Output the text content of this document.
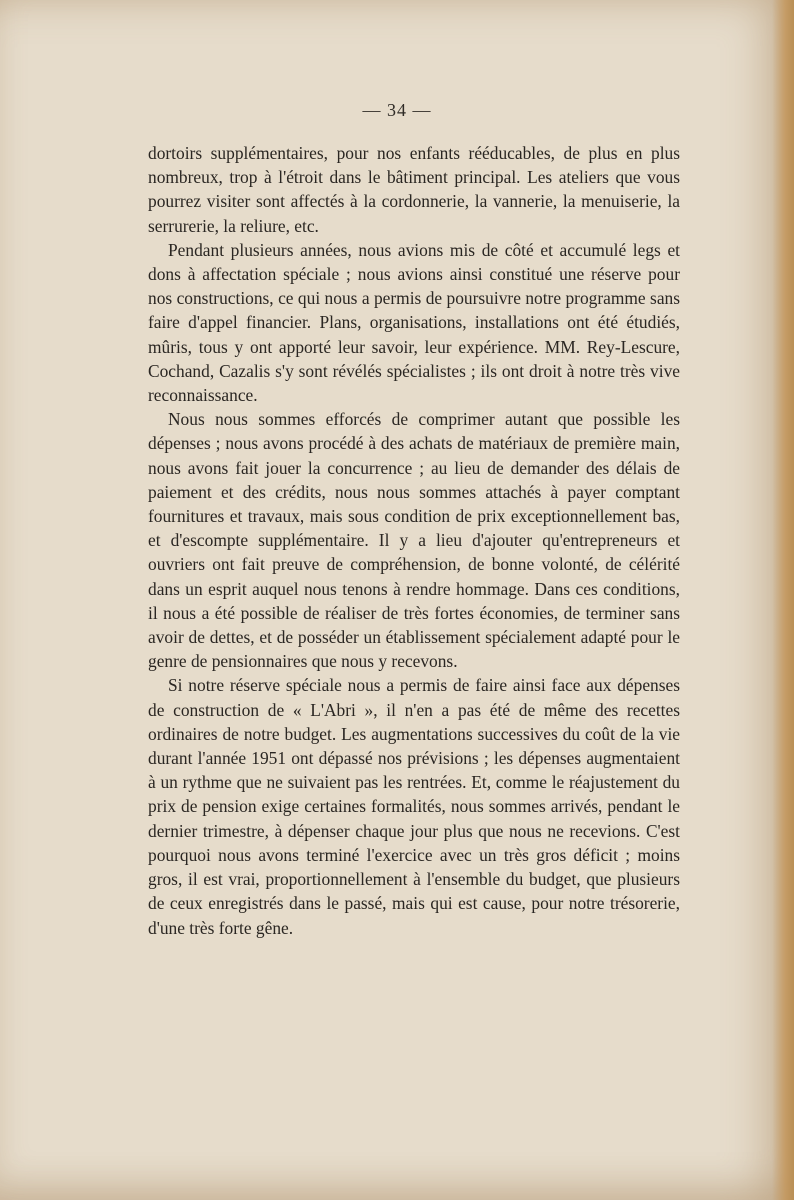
— 34 —

dortoirs supplémentaires, pour nos enfants rééducables, de plus en plus nombreux, trop à l'étroit dans le bâtiment principal. Les ateliers que vous pourrez visiter sont affectés à la cordonnerie, la vannerie, la menuiserie, la serrurerie, la reliure, etc.

Pendant plusieurs années, nous avions mis de côté et accumulé legs et dons à affectation spéciale ; nous avions ainsi constitué une réserve pour nos constructions, ce qui nous a permis de poursuivre notre programme sans faire d'appel financier. Plans, organisations, installations ont été étudiés, mûris, tous y ont apporté leur savoir, leur expérience. MM. Rey-Lescure, Cochand, Cazalis s'y sont révélés spécialistes ; ils ont droit à notre très vive reconnaissance.

Nous nous sommes efforcés de comprimer autant que possible les dépenses ; nous avons procédé à des achats de matériaux de première main, nous avons fait jouer la concurrence ; au lieu de demander des délais de paiement et des crédits, nous nous sommes attachés à payer comptant fournitures et travaux, mais sous condition de prix exceptionnellement bas, et d'escompte supplémentaire. Il y a lieu d'ajouter qu'entrepreneurs et ouvriers ont fait preuve de compréhension, de bonne volonté, de célérité dans un esprit auquel nous tenons à rendre hommage. Dans ces conditions, il nous a été possible de réaliser de très fortes économies, de terminer sans avoir de dettes, et de posséder un établissement spécialement adapté pour le genre de pensionnaires que nous y recevons.

Si notre réserve spéciale nous a permis de faire ainsi face aux dépenses de construction de « L'Abri », il n'en a pas été de même des recettes ordinaires de notre budget. Les augmentations successives du coût de la vie durant l'année 1951 ont dépassé nos prévisions ; les dépenses augmentaient à un rythme que ne suivaient pas les rentrées. Et, comme le réajustement du prix de pension exige certaines formalités, nous sommes arrivés, pendant le dernier trimestre, à dépenser chaque jour plus que nous ne recevions. C'est pourquoi nous avons terminé l'exercice avec un très gros déficit ; moins gros, il est vrai, proportionnellement à l'ensemble du budget, que plusieurs de ceux enregistrés dans le passé, mais qui est cause, pour notre trésorerie, d'une très forte gêne.
